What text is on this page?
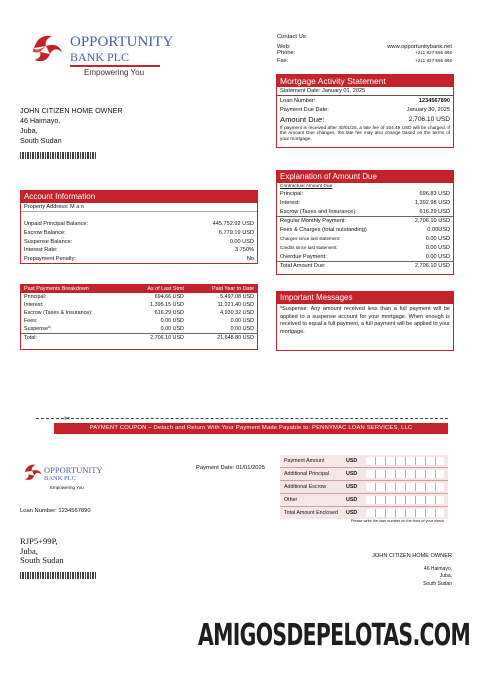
OPPORTUNITY
BANK PLC
Empowering You
Contact Us:
Web:	www.opportunitybank.net
Phone:	+211 927 555 666
Fax:	+211 927 555 666
JOHN CITIZEN HOME OWNER
46 Haimayo,
Juba,
South Sudan
Mortgage Activity Statement
Statement Date: January 01, 2025
Loan Number:	1234567890
Payment Due Date:	January 30, 2025
Amount Due:	2,706.10 USD
If payment is received after 30/01/25, a late fee of 104.49 USD will be charged. If the Amount Due changes, the late fee may also change based on the terms of your mortgage.
Account Information
Property Address: M a n
Unpaid Principal Balance:	445,752.92 USD
Escrow Balance:	6,779.19 USD
Suspense Balance:	0.00 USD
Interest Rate:	3.750%
Prepayment Penalty:	No
Explanation of Amount Due
Contractual Amount Due
Principal:	696.83 USD
Interest:	1,392.98 USD
Escrow (Taxes and Insurance):	616.29 USD
Regular Monthly Payment:	2,706.10 USD
Fees & Charges (total outstanding)	0.00USD
Charges since last statement:	0.00 USD
Credits since last statement:	0.00 USD
Overdue Payment:	0.00 USD
Total Amount Due:	2,706.10 USD
Past Payments Breakdown	As of Last Stmt	Paid Year to Date
Principal:	694.66 USD	5,497.08 USD
Interest:	1,395.15 USD	11,221.40 USD
Escrow (Taxes & Insurance):	616.29 USD	4,930.32 USD
Fees:	0.00 USD	0.00 USD
Suspense*:	0.00 USD	0.00 USD
Total:	2,706.10 USD	21,648.80 USD
Important Messages
*Suspense: Any amount received less than a full payment will be applied to a suspense account for your mortgage. When enough is received to equal a full payment, a full payment will be applied to your mortgage.
✂
PAYMENT COUPON – Detach and Return With Your Payment Made Payable to: PENNYMAC LOAN SERVICES, LLC
OPPORTUNITY
BANK PLC
Empowering You
Payment Date: 01/01/2025
Loan Number: 1234567890
Payment Amount	USD
Additional Principal	USD
Additional Escrow	USD
Other	USD
Total Amount Enclosed	USD
Please write the loan number on the front of your check
RJP5+99P,
Juba,
South Sudan	JOHN CITIZEN HOME OWNER
46 Haimayo,
Juba,
South Sudan
AMIGOSDEPELOTAS.COM
